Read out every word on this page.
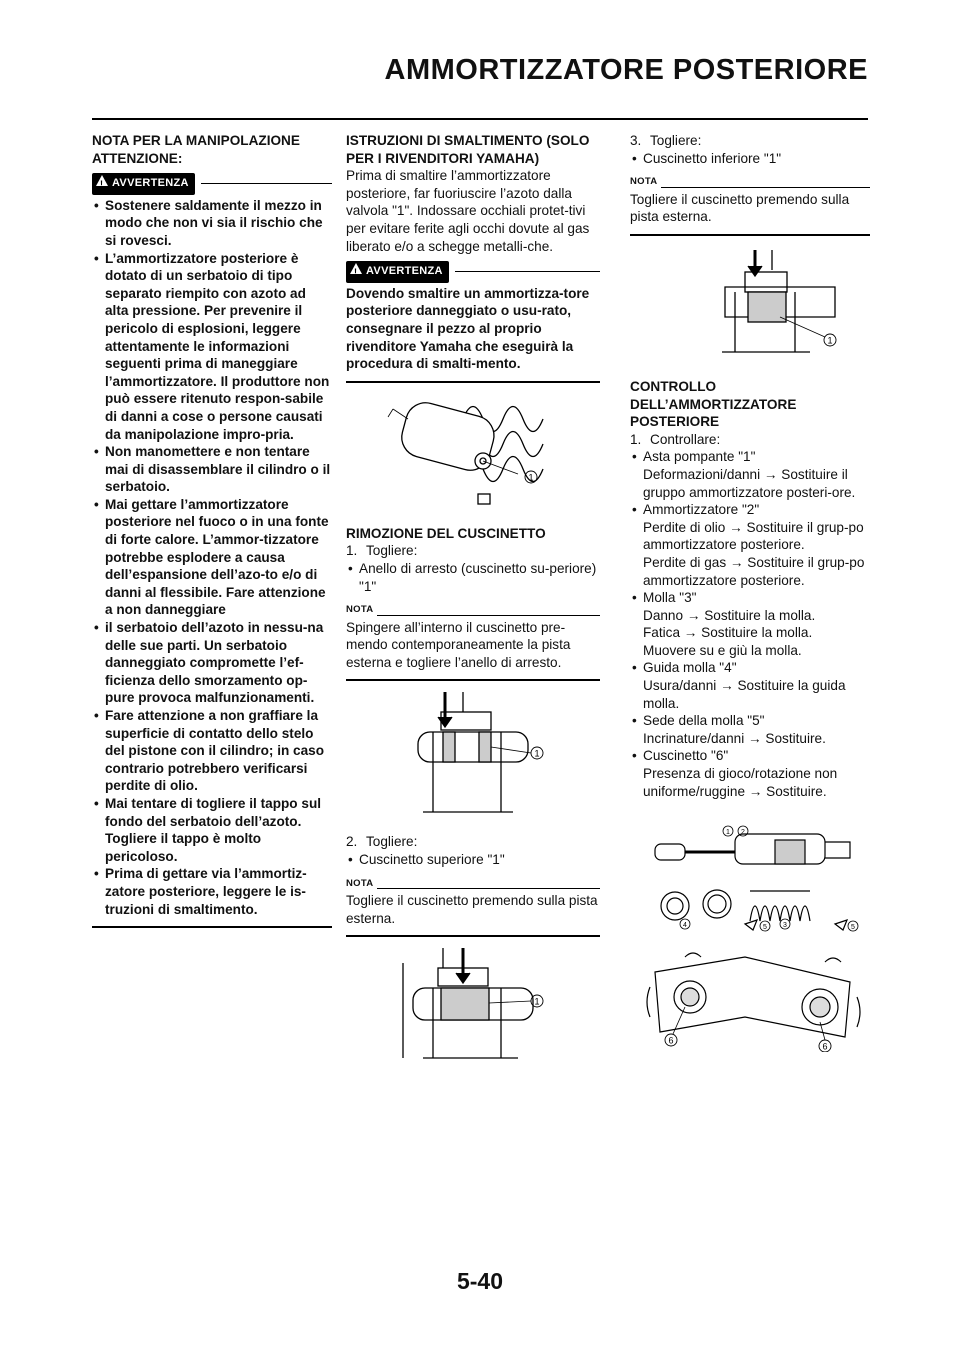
AMMORTIZZATORE POSTERIORE

NOTA PER LA MANIPOLAZIONE ATTENZIONE:

!
AVVERTENZA
• Sostenere saldamente il mezzo in modo che non vi sia il rischio che si rovesci.
• L’ammortizzatore posteriore è dotato di un serbatoio di tipo separato riempito con azoto ad alta pressione. Per prevenire il pericolo di esplosioni, leggere attentamente le informazioni seguenti prima di maneggiare l’ammortizzatore. Il produttore non può essere ritenuto respon-sabile di danni a cose o persone causati da manipolazione impro-pria.
• Non manomettere e non tentare mai di disassemblare il cilindro o il serbatoio.
• Mai gettare l’ammortizzatore posteriore nel fuoco o in una fonte di forte calore. L’ammor-tizzatore potrebbe esplodere a causa dell’espansione dell’azo-to e/o di danni al flessibile. Fare attenzione a non danneggiare
• il serbatoio dell’azoto in nessu-na delle sue parti. Un serbatoio danneggiato compromette l’ef-ficienza dello smorzamento op-pure provoca malfunzionamenti.
• Fare attenzione a non graffiare la superficie di contatto dello stelo del pistone con il cilindro; in caso contrario potrebbero verificarsi perdite di olio.
• Mai tentare di togliere il tappo sul fondo del serbatoio dell’azoto. Togliere il tappo è molto pericoloso.
• Prima di gettare via l’ammortiz-zatore posteriore, leggere le is-truzioni di smaltimento.

ISTRUZIONI DI SMALTIMENTO (SOLO PER I RIVENDITORI YAMAHA)

Prima di smaltire l’ammortizzatore posteriore, far fuoriuscire l’azoto dalla valvola "1". Indossare occhiali protet-tivi per evitare ferite agli occhi dovute al gas liberato e/o a schegge metalli-che.

!
AVVERTENZA

Dovendo smaltire un ammortizza-tore posteriore danneggiato o usu-rato, consegnare il pezzo al proprio rivenditore Yamaha che eseguirà la procedura di smalti-mento.

1

RIMOZIONE DEL CUSCINETTO

1. Togliere:
• Anello di arresto (cuscinetto su-periore) "1"
NOTA

Spingere all’interno il cuscinetto pre-mendo contemporaneamente la pista esterna e togliere l’anello di arresto.

1
2. Togliere:
• Cuscinetto superiore "1"
NOTA

Togliere il cuscinetto premendo sulla pista esterna.

1
3. Togliere:
• Cuscinetto inferiore "1"
NOTA

Togliere il cuscinetto premendo sulla pista esterna.

1

CONTROLLO DELL’AMMORTIZZATORE POSTERIORE

1. Controllare:
• Asta pompante "1"
Deformazioni/danni → Sostituire il gruppo ammortizzatore posteri-ore.
• Ammortizzatore "2"
Perdite di olio → Sostituire il grup-po ammortizzatore posteriore.
Perdite di gas → Sostituire il grup-po ammortizzatore posteriore.
• Molla "3"
Danno → Sostituire la molla.
Fatica → Sostituire la molla.
Muovere su e giù la molla.
• Guida molla "4"
Usura/danni → Sostituire la guida molla.
• Sede della molla "5"
Incrinature/danni → Sostituire.
• Cuscinetto "6"
Presenza di gioco/rotazione non uniforme/ruggine → Sostituire.
1 2
3
4	5	5
6
6
5-40
